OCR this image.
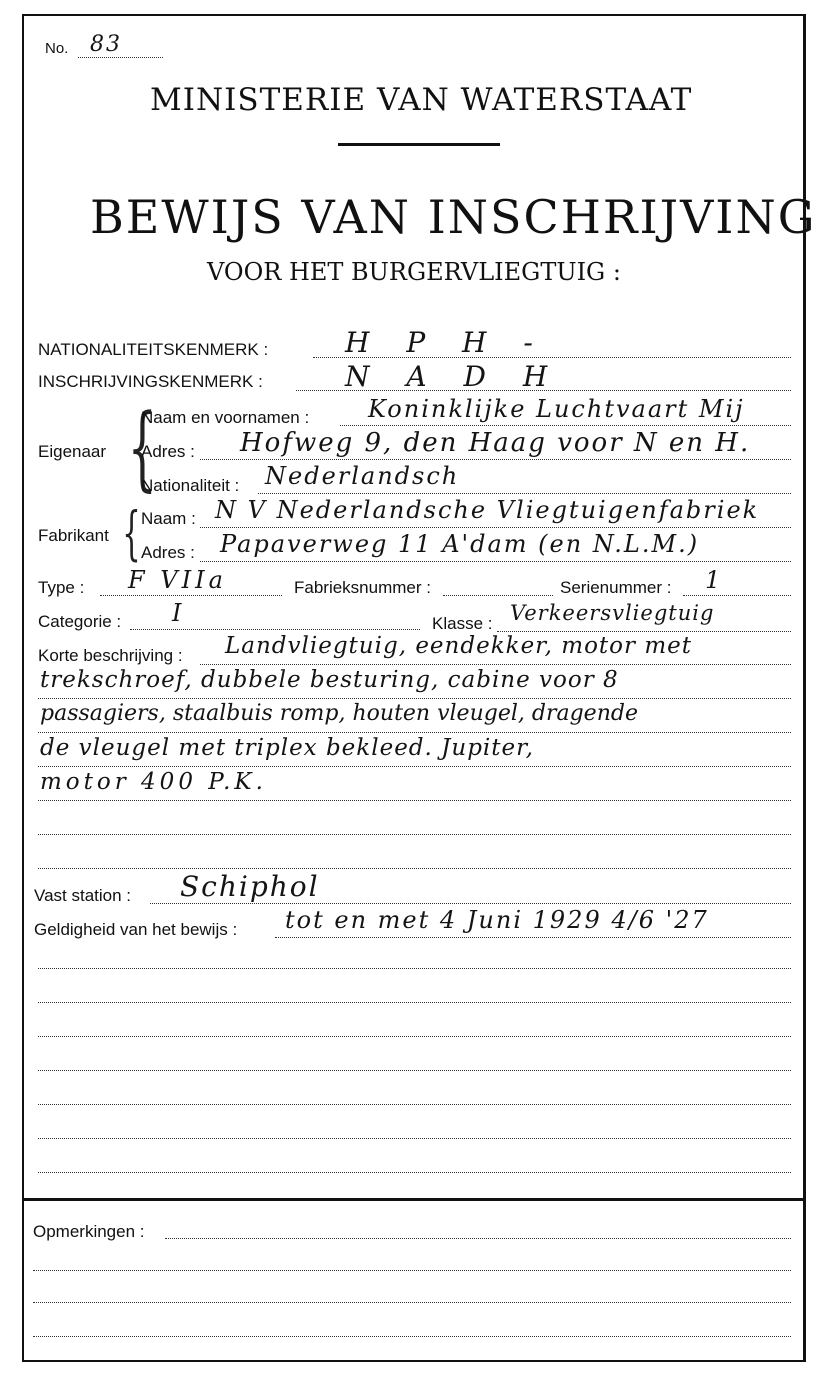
No. 83
MINISTERIE VAN WATERSTAAT
BEWIJS VAN INSCHRIJVING
VOOR HET BURGERVLIEGTUIG :
NATIONALITEITSKENMERK :	H P H -
INSCHRIJVINGSKENMERK :	N A D H
Eigenaar {
Naam en voornamen : Koninklijke Luchtvaart Mij
Adres : Hofweg 9, den Haag voor N en H.
Nationaliteit : Nederlandsch
Fabrikant { Naam : N V Nederlandsche Vliegtuigenfabriek
Adres : Papaverweg 11 A'dam (en N.L.M.)
Type : F VIIa	Fabrieksnummer :	Serienummer : 1
Categorie : I	Klasse : Verkeersvliegtuig
Korte beschrijving : Landvliegtuig, eendekker, motor met
trekschroef, dubbele besturing, cabine voor 8
passagiers, staalbuis romp, houten vleugel, dragende
de vleugel met triplex bekleed. Jupiter,
motor 400 P.K.
Vast station : Schiphol
Geldigheid van het bewijs : tot en met 4 Juni 1929 4/6 '27
Opmerkingen :
